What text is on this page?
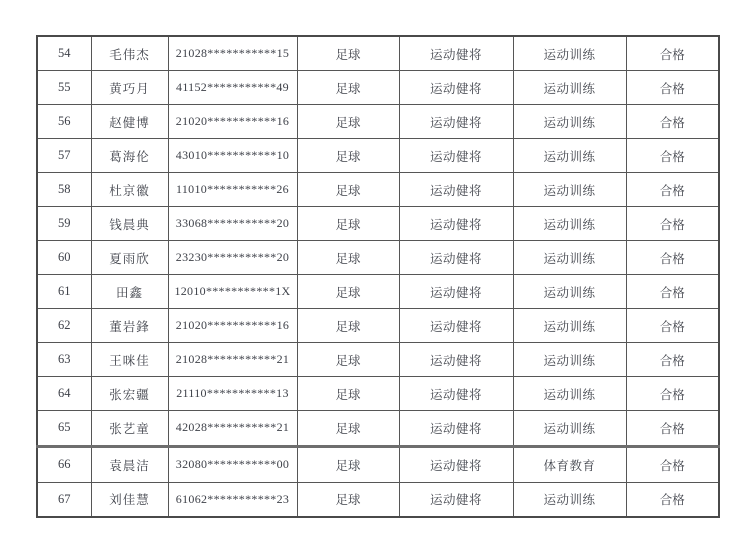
54	毛伟杰	21028***********15	足球	运动健将	运动训练	合格
55	黄巧月	41152***********49	足球	运动健将	运动训练	合格
56	赵健博	21020***********16	足球	运动健将	运动训练	合格
57	葛海伦	43010***********10	足球	运动健将	运动训练	合格
58	杜京徽	11010***********26	足球	运动健将	运动训练	合格
59	钱晨典	33068***********20	足球	运动健将	运动训练	合格
60	夏雨欣	23230***********20	足球	运动健将	运动训练	合格
61	田鑫	12010***********1X	足球	运动健将	运动训练	合格
62	董岩鋒	21020***********16	足球	运动健将	运动训练	合格
63	王咪佳	21028***********21	足球	运动健将	运动训练	合格
64	张宏疆	21110***********13	足球	运动健将	运动训练	合格
65	张艺童	42028***********21	足球	运动健将	运动训练	合格
66	袁晨洁	32080***********00	足球	运动健将	体育教育	合格
67	刘佳慧	61062***********23	足球	运动健将	运动训练	合格
